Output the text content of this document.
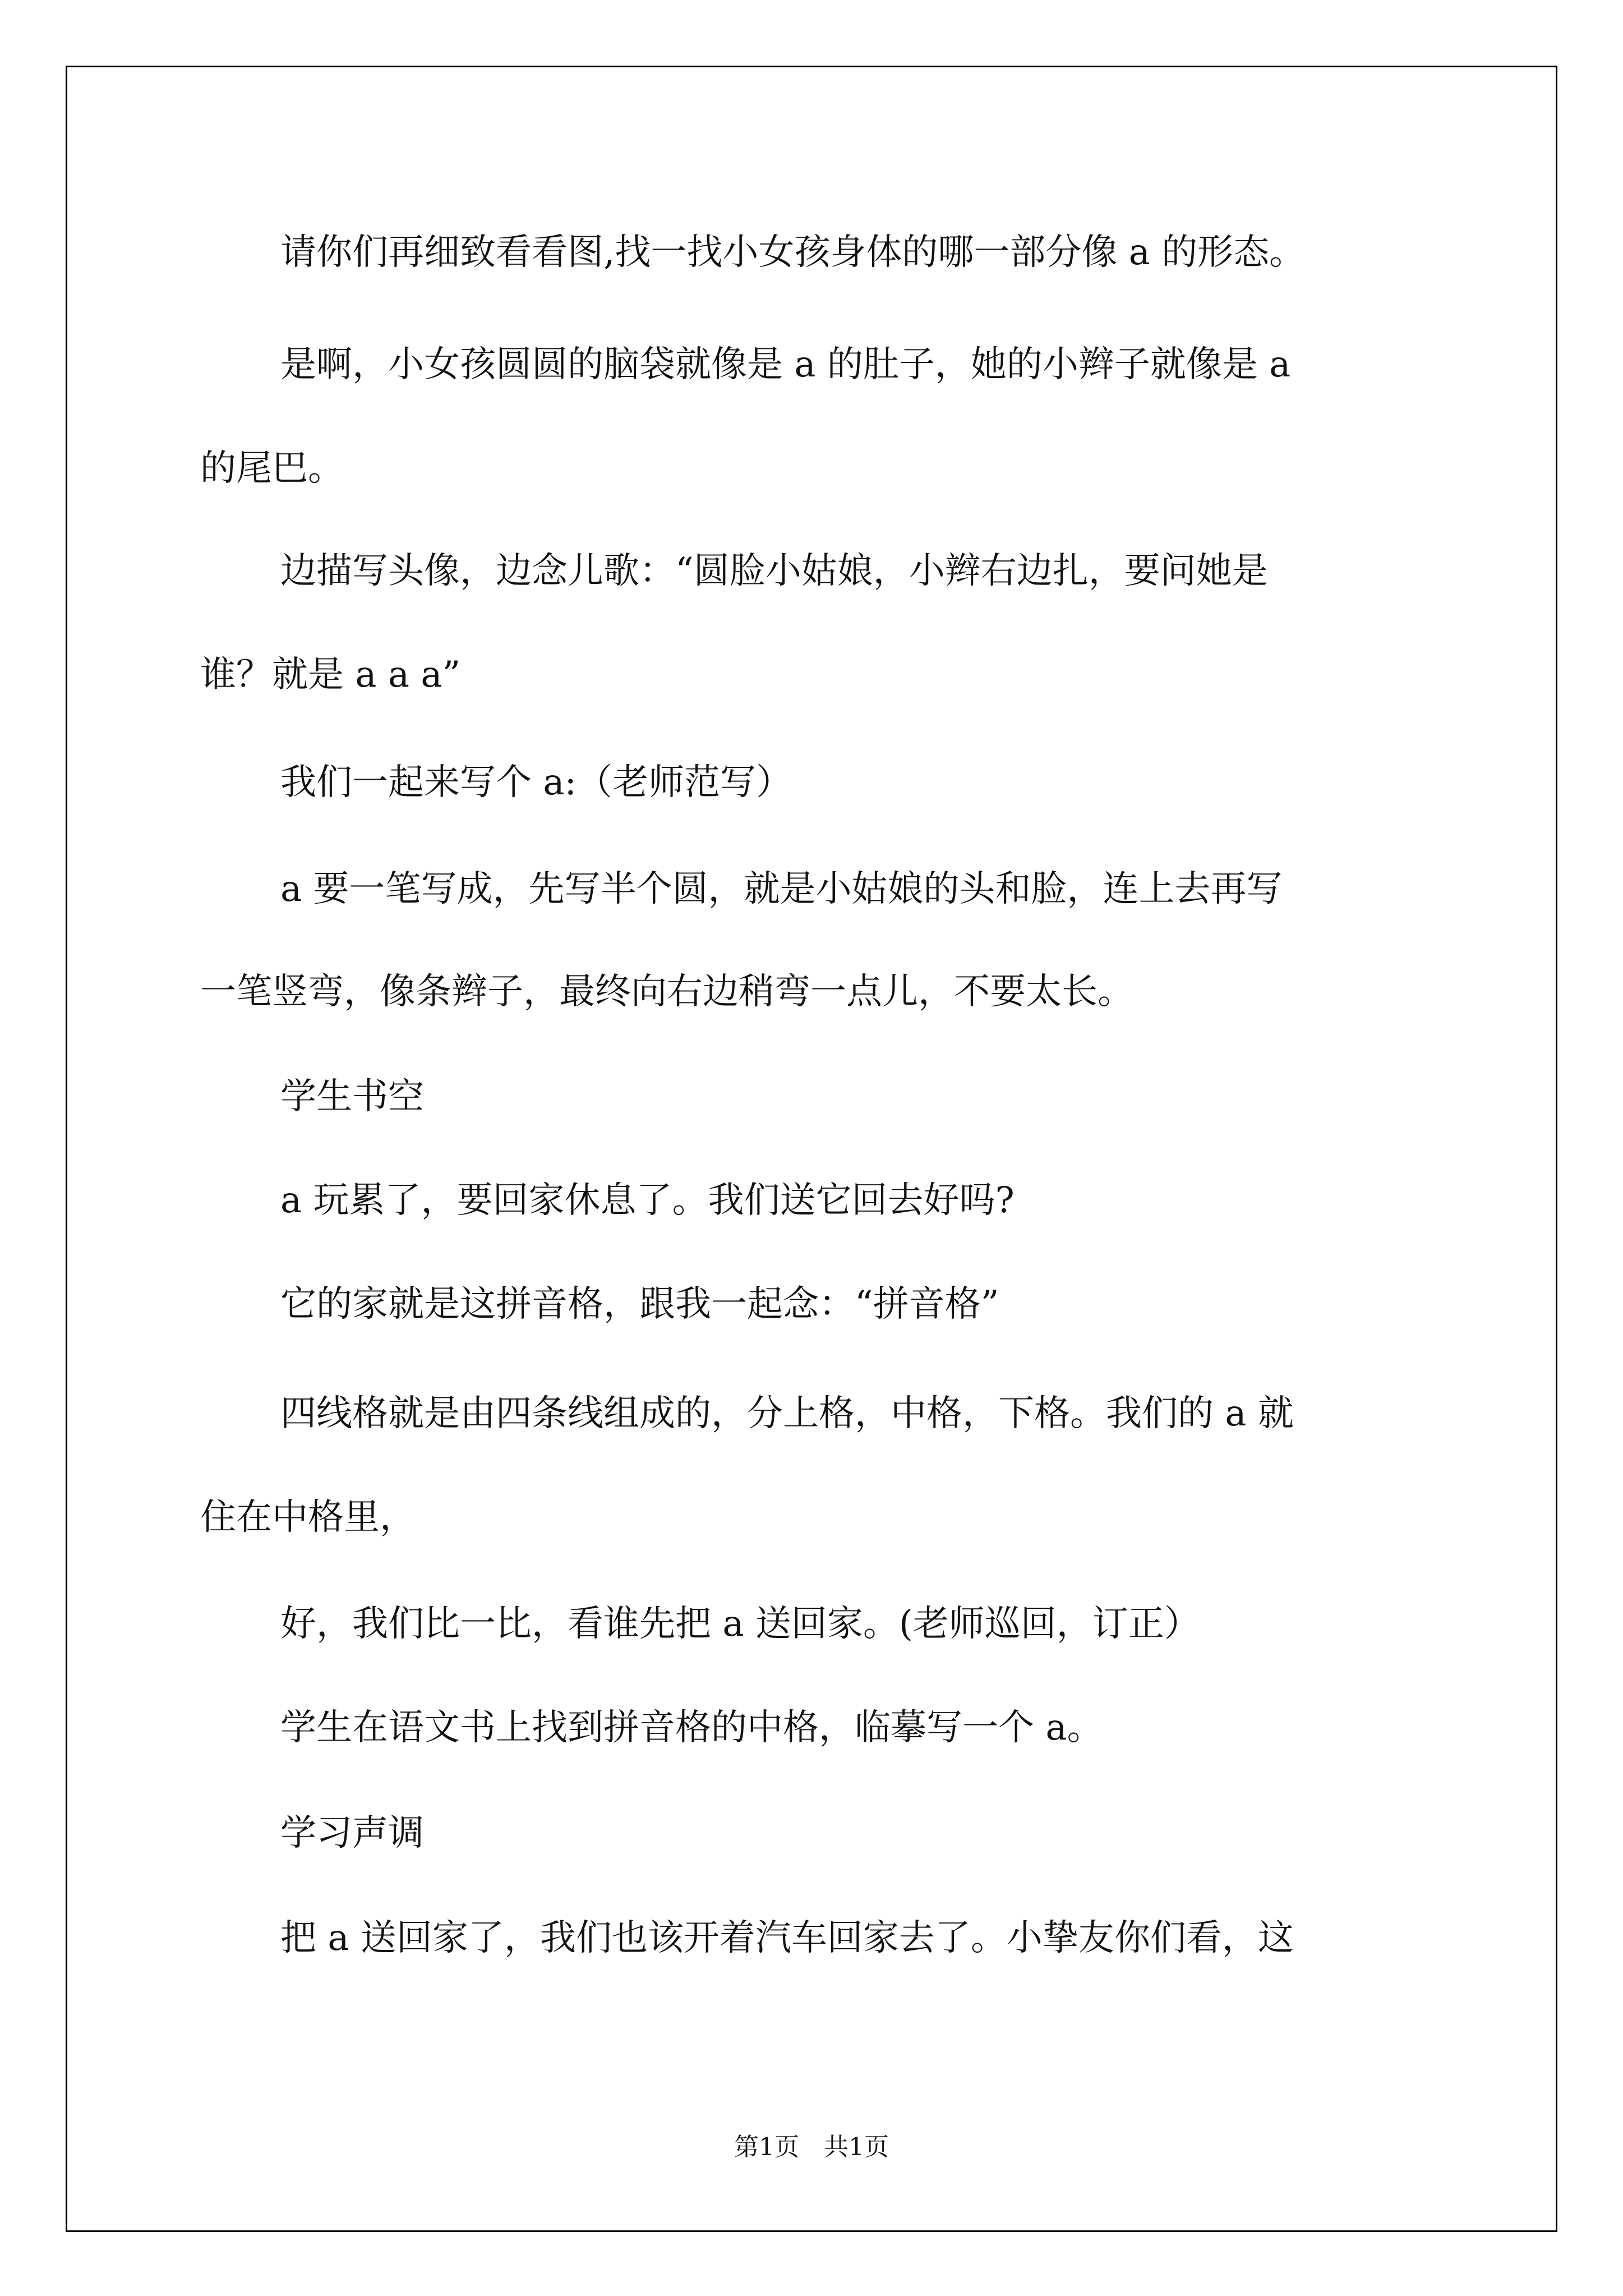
请你们再细致看看图,找一找小女孩身体的哪一部分像 a 的形态。
是啊，小女孩圆圆的脑袋就像是 a 的肚子，她的小辫子就像是 a
的尾巴。
边描写头像，边念儿歌：“圆脸小姑娘，小辫右边扎，要问她是
谁？就是 a a a”
我们一起来写个 a:（老师范写）
a 要一笔写成，先写半个圆，就是小姑娘的头和脸，连上去再写
一笔竖弯，像条辫子，最终向右边稍弯一点儿，不要太长。
学生书空
a 玩累了，要回家休息了。我们送它回去好吗?
它的家就是这拼音格，跟我一起念：“拼音格”
四线格就是由四条线组成的，分上格，中格，下格。我们的 a 就
住在中格里，
好，我们比一比，看谁先把 a 送回家。(老师巡回，订正）
学生在语文书上找到拼音格的中格，临摹写一个 a。
学习声调
把 a 送回家了，我们也该开着汽车回家去了。小挚友你们看，这
第1页 共1页
